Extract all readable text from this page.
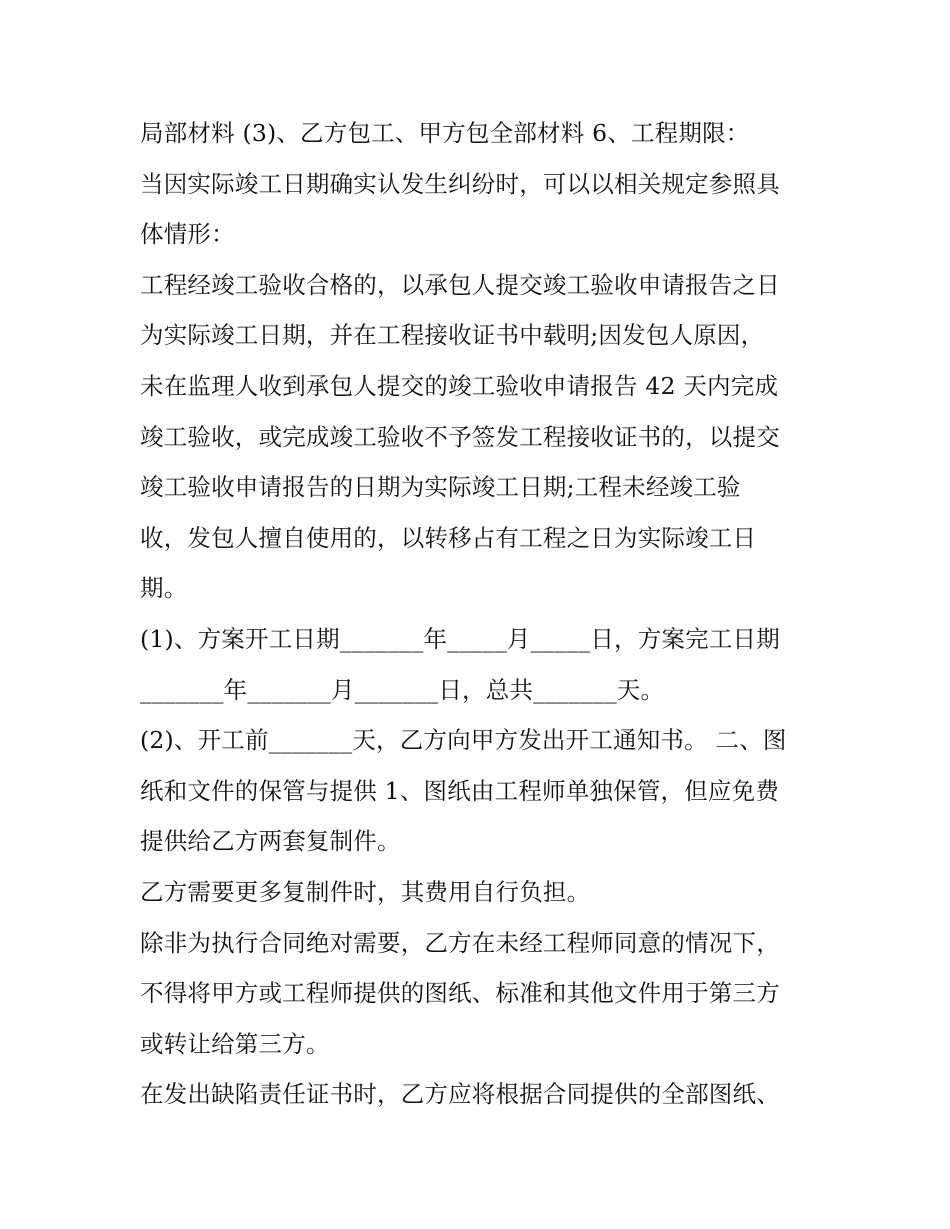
局部材料 (3)、乙方包工、甲方包全部材料 6、工程期限：
当因实际竣工日期确实认发生纠纷时，可以以相关规定参照具
体情形：
工程经竣工验收合格的，以承包人提交竣工验收申请报告之日
为实际竣工日期，并在工程接收证书中载明;因发包人原因，
未在监理人收到承包人提交的竣工验收申请报告 42 天内完成
竣工验收，或完成竣工验收不予签发工程接收证书的，以提交
竣工验收申请报告的日期为实际竣工日期;工程未经竣工验
收，发包人擅自使用的，以转移占有工程之日为实际竣工日
期。
(1)、方案开工日期_______年_____月_____日，方案完工日期
_______年_______月_______日，总共_______天。
(2)、开工前_______天，乙方向甲方发出开工通知书。 二、图
纸和文件的保管与提供 1、图纸由工程师单独保管，但应免费
提供给乙方两套复制件。
乙方需要更多复制件时，其费用自行负担。
除非为执行合同绝对需要，乙方在未经工程师同意的情况下，
不得将甲方或工程师提供的图纸、标准和其他文件用于第三方
或转让给第三方。
在发出缺陷责任证书时，乙方应将根据合同提供的全部图纸、
